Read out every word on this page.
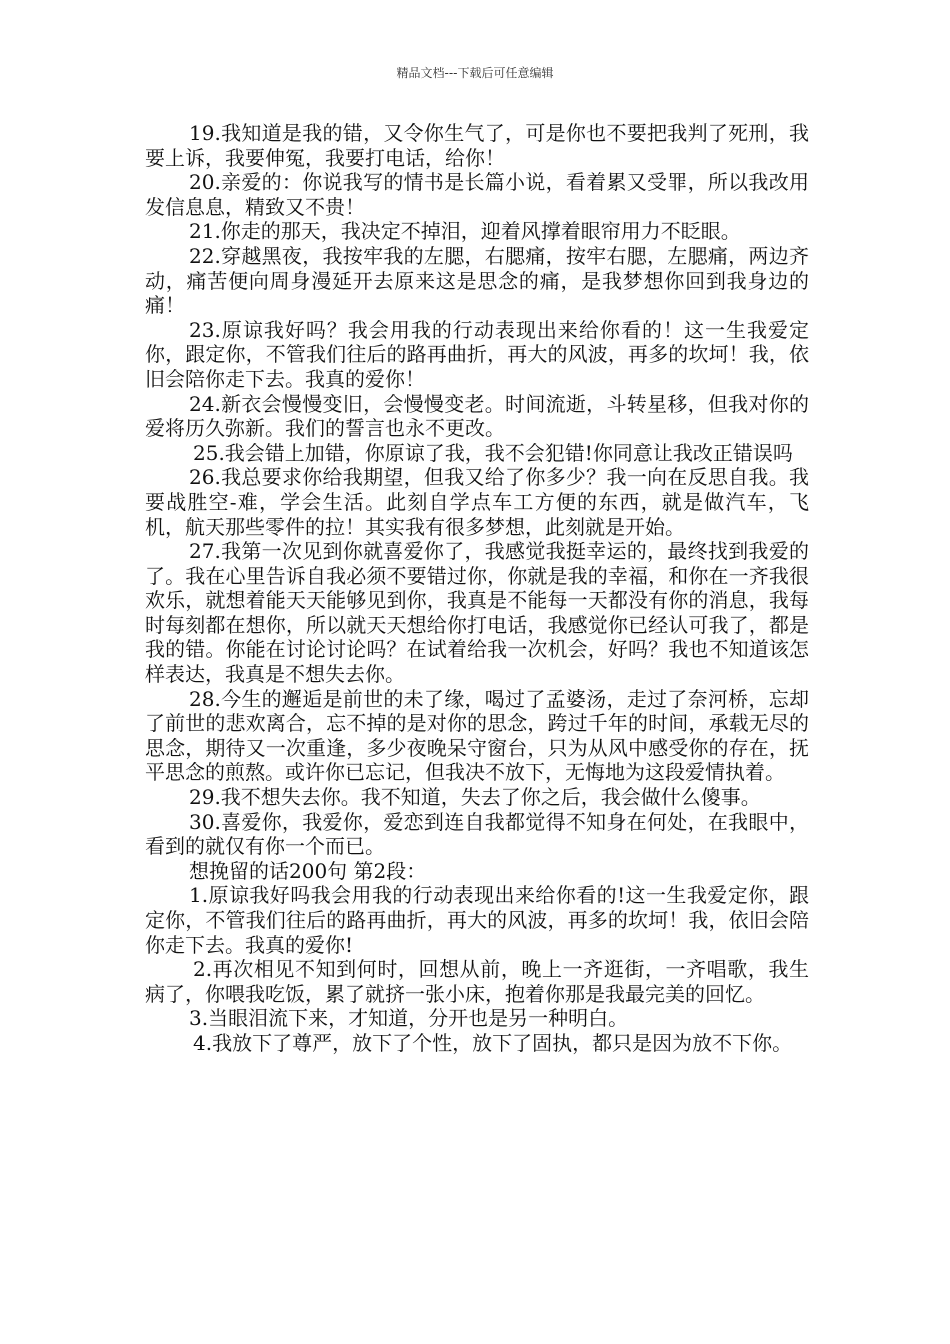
精品文档---下载后可任意编辑

19.我知道是我的错，又令你生气了，可是你也不要把我判了死刑，我要上诉，我要伸冤，我要打电话，给你！

20.亲爱的：你说我写的情书是长篇小说，看着累又受罪，所以我改用发信息息，精致又不贵！

21.你走的那天，我决定不掉泪，迎着风撑着眼帘用力不眨眼。

22.穿越黑夜，我按牢我的左腮，右腮痛，按牢右腮，左腮痛，两边齐动，痛苦便向周身漫延开去原来这是思念的痛，是我梦想你回到我身边的痛！

23.原谅我好吗？我会用我的行动表现出来给你看的！这一生我爱定你，跟定你，不管我们往后的路再曲折，再大的风波，再多的坎坷！我，依旧会陪你走下去。我真的爱你！

24.新衣会慢慢变旧，会慢慢变老。时间流逝，斗转星移，但我对你的爱将历久弥新。我们的誓言也永不更改。

25.我会错上加错，你原谅了我，我不会犯错!你同意让我改正错误吗

26.我总要求你给我期望，但我又给了你多少？我一向在反思自我。我要战胜空-难，学会生活。此刻自学点车工方便的东西，就是做汽车，飞机，航天那些零件的拉！其实我有很多梦想，此刻就是开始。

27.我第一次见到你就喜爱你了，我感觉我挺幸运的，最终找到我爱的了。我在心里告诉自我必须不要错过你，你就是我的幸福，和你在一齐我很欢乐，就想着能天天能够见到你，我真是不能每一天都没有你的消息，我每时每刻都在想你，所以就天天想给你打电话，我感觉你已经认可我了，都是我的错。你能在讨论讨论吗？在试着给我一次机会，好吗？我也不知道该怎样表达，我真是不想失去你。

28.今生的邂逅是前世的未了缘，喝过了孟婆汤，走过了奈河桥，忘却了前世的悲欢离合，忘不掉的是对你的思念，跨过千年的时间，承载无尽的思念，期待又一次重逢，多少夜晚呆守窗台，只为从风中感受你的存在，抚平思念的煎熬。或许你已忘记，但我决不放下，无悔地为这段爱情执着。

29.我不想失去你。我不知道，失去了你之后，我会做什么傻事。

30.喜爱你，我爱你，爱恋到连自我都觉得不知身在何处，在我眼中，看到的就仅有你一个而已。

想挽留的话200句 第2段：

1.原谅我好吗我会用我的行动表现出来给你看的!这一生我爱定你，跟定你，不管我们往后的路再曲折，再大的风波，再多的坎坷！我，依旧会陪你走下去。我真的爱你!

2.再次相见不知到何时，回想从前，晚上一齐逛街，一齐唱歌，我生病了，你喂我吃饭，累了就挤一张小床，抱着你那是我最完美的回忆。

3.当眼泪流下来，才知道，分开也是另一种明白。

4.我放下了尊严，放下了个性，放下了固执，都只是因为放不下你。
